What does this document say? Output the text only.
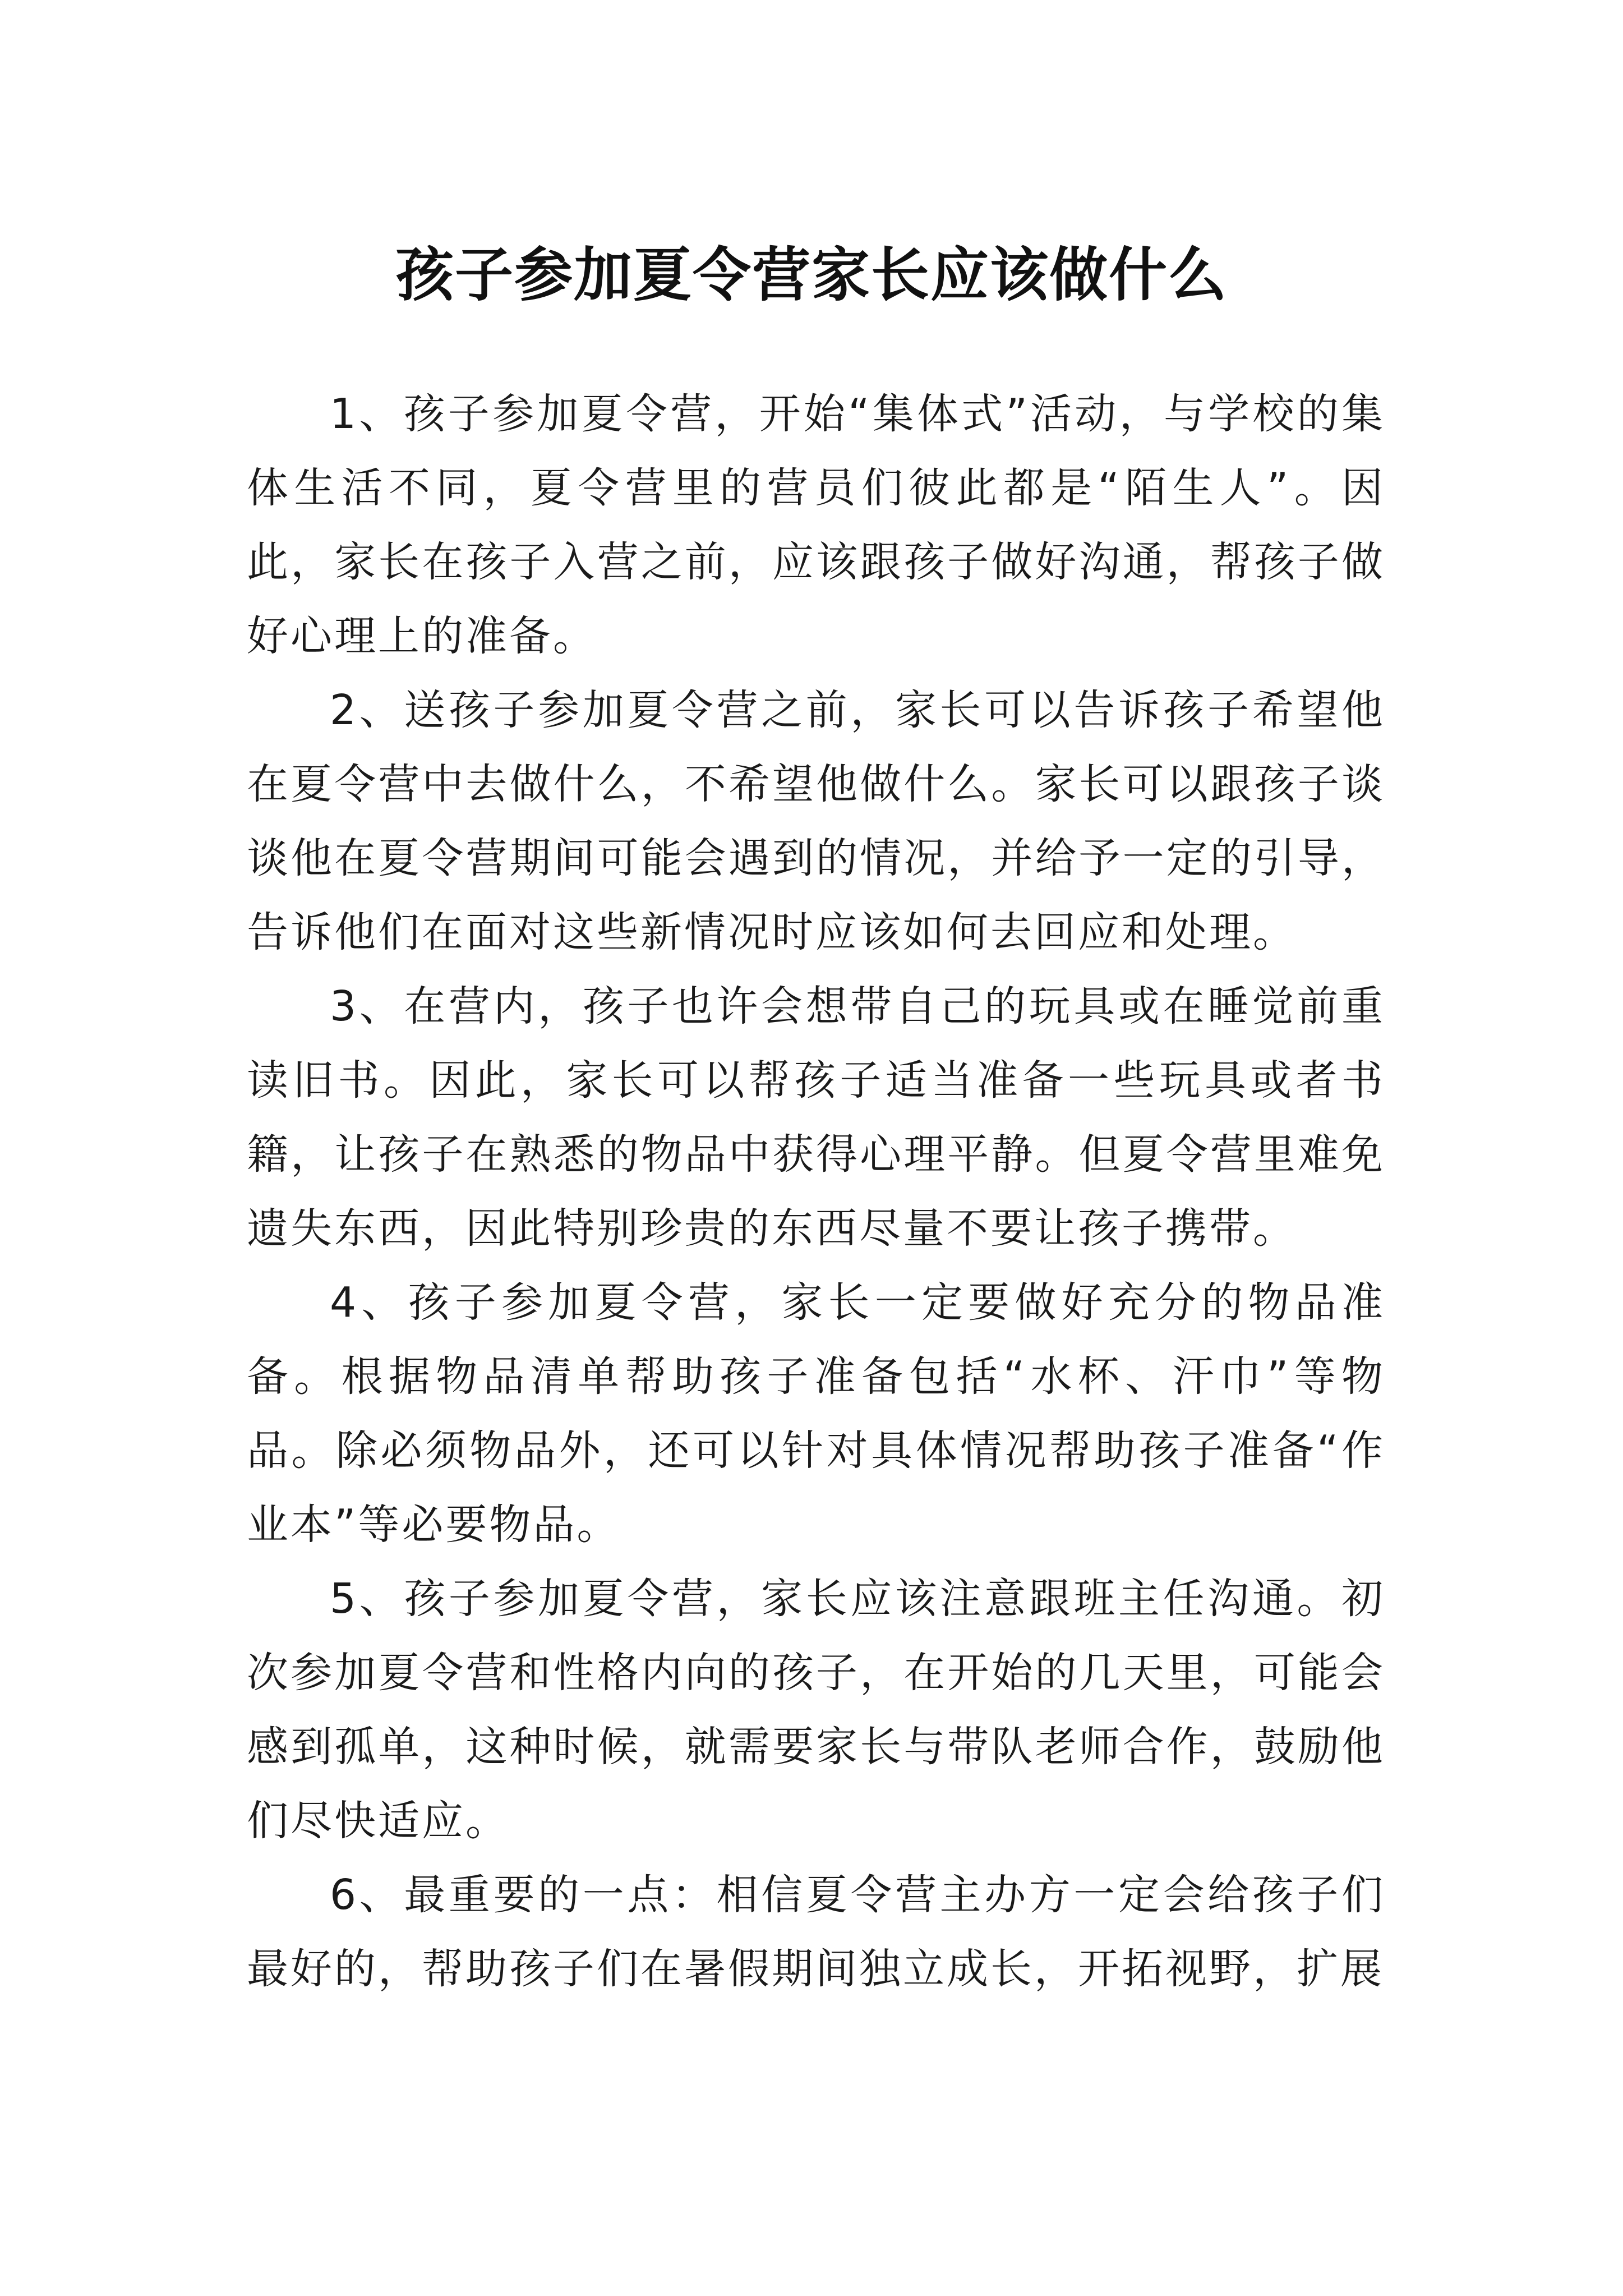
孩子参加夏令营家长应该做什么

1、孩子参加夏令营，开始“集体式”活动，与学校的集体生活不同，夏令营里的营员们彼此都是“陌生人”。因此，家长在孩子入营之前，应该跟孩子做好沟通，帮孩子做好心理上的准备。

2、送孩子参加夏令营之前，家长可以告诉孩子希望他在夏令营中去做什么，不希望他做什么。家长可以跟孩子谈谈他在夏令营期间可能会遇到的情况，并给予一定的引导，告诉他们在面对这些新情况时应该如何去回应和处理。

3、在营内，孩子也许会想带自己的玩具或在睡觉前重读旧书。因此，家长可以帮孩子适当准备一些玩具或者书籍，让孩子在熟悉的物品中获得心理平静。但夏令营里难免遗失东西，因此特别珍贵的东西尽量不要让孩子携带。

4、孩子参加夏令营，家长一定要做好充分的物品准备。根据物品清单帮助孩子准备包括“水杯、汗巾”等物品。除必须物品外，还可以针对具体情况帮助孩子准备“作业本”等必要物品。

5、孩子参加夏令营，家长应该注意跟班主任沟通。初次参加夏令营和性格内向的孩子，在开始的几天里，可能会感到孤单，这种时候，就需要家长与带队老师合作，鼓励他们尽快适应。

6、最重要的一点：相信夏令营主办方一定会给孩子们最好的，帮助孩子们在暑假期间独立成长，开拓视野，扩展
